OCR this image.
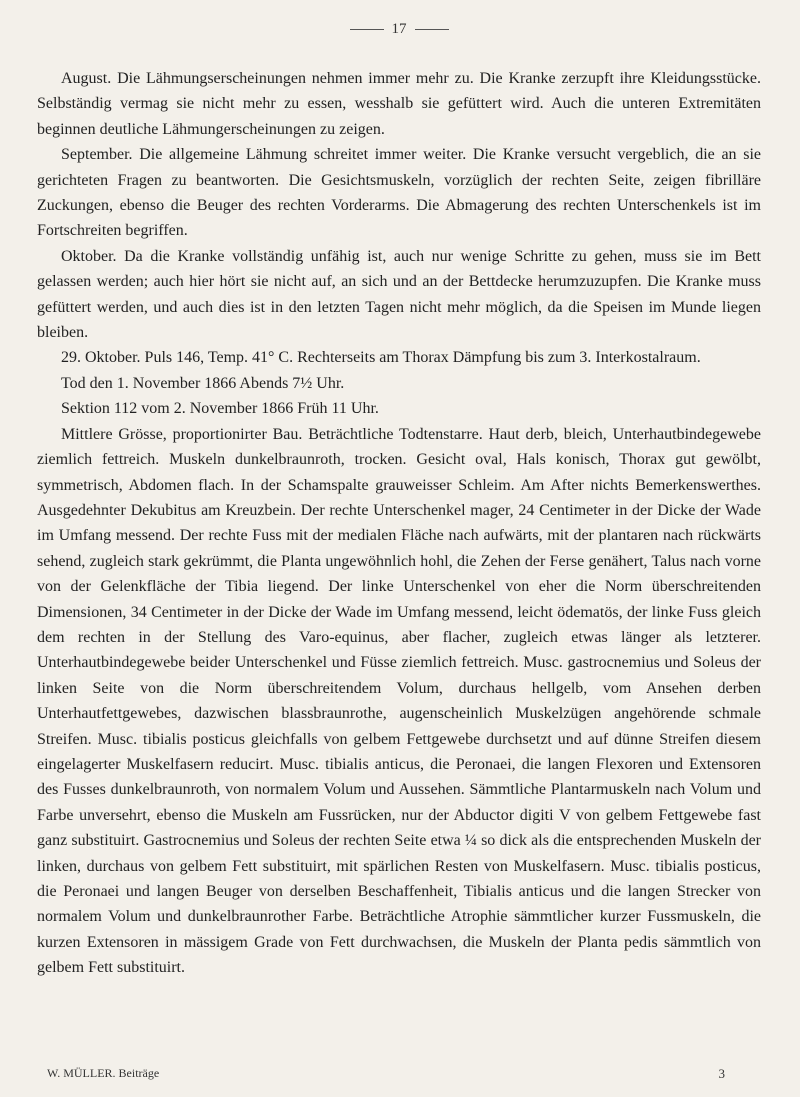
17

August. Die Lähmungserscheinungen nehmen immer mehr zu. Die Kranke zerzupft ihre Kleidungsstücke. Selbständig vermag sie nicht mehr zu essen, wesshalb sie gefüttert wird. Auch die unteren Extremitäten beginnen deutliche Lähmungerscheinungen zu zeigen.

September. Die allgemeine Lähmung schreitet immer weiter. Die Kranke versucht vergeblich, die an sie gerichteten Fragen zu beantworten. Die Gesichtsmuskeln, vorzüglich der rechten Seite, zeigen fibrilläre Zuckungen, ebenso die Beuger des rechten Vorderarms. Die Abmagerung des rechten Unterschenkels ist im Fortschreiten begriffen.

Oktober. Da die Kranke vollständig unfähig ist, auch nur wenige Schritte zu gehen, muss sie im Bett gelassen werden; auch hier hört sie nicht auf, an sich und an der Bettdecke herumzuzupfen. Die Kranke muss gefüttert werden, und auch dies ist in den letzten Tagen nicht mehr möglich, da die Speisen im Munde liegen bleiben.

29. Oktober. Puls 146, Temp. 41° C. Rechterseits am Thorax Dämpfung bis zum 3. Interkostalraum.

Tod den 1. November 1866 Abends 7½ Uhr.

Sektion 112 vom 2. November 1866 Früh 11 Uhr.

Mittlere Grösse, proportionirter Bau. Beträchtliche Todtenstarre. Haut derb, bleich, Unterhautbindegewebe ziemlich fettreich. Muskeln dunkelbraunroth, trocken. Gesicht oval, Hals konisch, Thorax gut gewölbt, symmetrisch, Abdomen flach. In der Schamspalte grauweisser Schleim. Am After nichts Bemerkenswerthes. Ausgedehnter Dekubitus am Kreuzbein. Der rechte Unterschenkel mager, 24 Centimeter in der Dicke der Wade im Umfang messend. Der rechte Fuss mit der medialen Fläche nach aufwärts, mit der plantaren nach rückwärts sehend, zugleich stark gekrümmt, die Planta ungewöhnlich hohl, die Zehen der Ferse genähert, Talus nach vorne von der Gelenkfläche der Tibia liegend. Der linke Unterschenkel von eher die Norm überschreitenden Dimensionen, 34 Centimeter in der Dicke der Wade im Umfang messend, leicht ödematös, der linke Fuss gleich dem rechten in der Stellung des Varo-equinus, aber flacher, zugleich etwas länger als letzterer. Unterhautbindegewebe beider Unterschenkel und Füsse ziemlich fettreich. Musc. gastrocnemius und Soleus der linken Seite von die Norm überschreitendem Volum, durchaus hellgelb, vom Ansehen derben Unterhautfettgewebes, dazwischen blassbraunrothe, augenscheinlich Muskelzügen angehörende schmale Streifen. Musc. tibialis posticus gleichfalls von gelbem Fettgewebe durchsetzt und auf dünne Streifen diesem eingelagerter Muskelfasern reducirt. Musc. tibialis anticus, die Peronaei, die langen Flexoren und Extensoren des Fusses dunkelbraunroth, von normalem Volum und Aussehen. Sämmtliche Plantarmuskeln nach Volum und Farbe unversehrt, ebenso die Muskeln am Fussrücken, nur der Abductor digiti V von gelbem Fettgewebe fast ganz substituirt. Gastrocnemius und Soleus der rechten Seite etwa ¼ so dick als die entsprechenden Muskeln der linken, durchaus von gelbem Fett substituirt, mit spärlichen Resten von Muskelfasern. Musc. tibialis posticus, die Peronaei und langen Beuger von derselben Beschaffenheit, Tibialis anticus und die langen Strecker von normalem Volum und dunkelbraunrother Farbe. Beträchtliche Atrophie sämmtlicher kurzer Fussmuskeln, die kurzen Extensoren in mässigem Grade von Fett durchwachsen, die Muskeln der Planta pedis sämmtlich von gelbem Fett substituirt.

W. MÜLLER. Beiträge	3
